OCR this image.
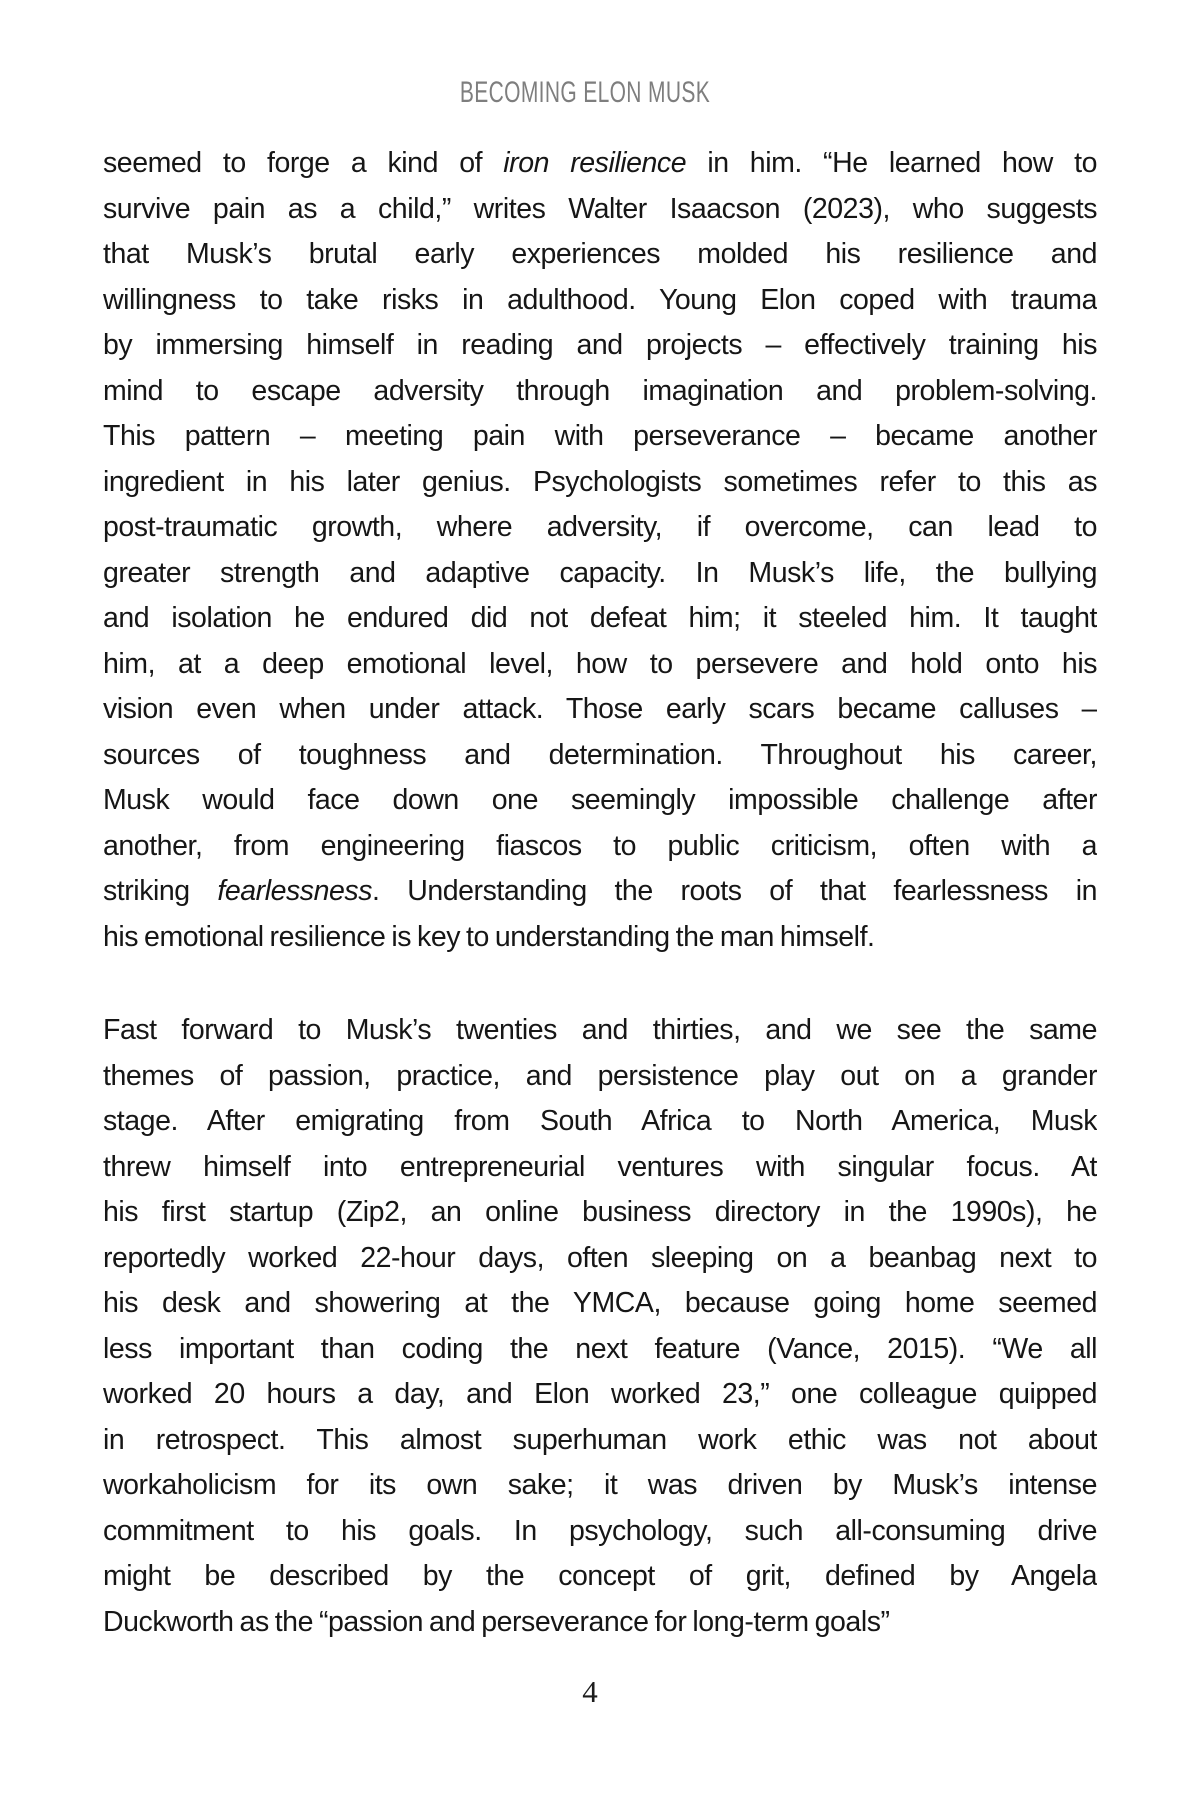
BECOMING ELON MUSK
seemed to forge a kind of iron resilience in him. “He learned how to
survive pain as a child,” writes Walter Isaacson (2023), who suggests
that Musk’s brutal early experiences molded his resilience and
willingness to take risks in adulthood. Young Elon coped with trauma
by immersing himself in reading and projects – effectively training his
mind to escape adversity through imagination and problem-solving.
This pattern – meeting pain with perseverance – became another
ingredient in his later genius. Psychologists sometimes refer to this as
post-traumatic growth, where adversity, if overcome, can lead to
greater strength and adaptive capacity. In Musk’s life, the bullying
and isolation he endured did not defeat him; it steeled him. It taught
him, at a deep emotional level, how to persevere and hold onto his
vision even when under attack. Those early scars became calluses –
sources of toughness and determination. Throughout his career,
Musk would face down one seemingly impossible challenge after
another, from engineering fiascos to public criticism, often with a
striking fearlessness. Understanding the roots of that fearlessness in
his emotional resilience is key to understanding the man himself.
Fast forward to Musk’s twenties and thirties, and we see the same
themes of passion, practice, and persistence play out on a grander
stage. After emigrating from South Africa to North America, Musk
threw himself into entrepreneurial ventures with singular focus. At
his first startup (Zip2, an online business directory in the 1990s), he
reportedly worked 22-hour days, often sleeping on a beanbag next to
his desk and showering at the YMCA, because going home seemed
less important than coding the next feature (Vance, 2015). “We all
worked 20 hours a day, and Elon worked 23,” one colleague quipped
in retrospect. This almost superhuman work ethic was not about
workaholicism for its own sake; it was driven by Musk’s intense
commitment to his goals. In psychology, such all-consuming drive
might be described by the concept of grit, defined by Angela
Duckworth as the “passion and perseverance for long-term goals”
4
